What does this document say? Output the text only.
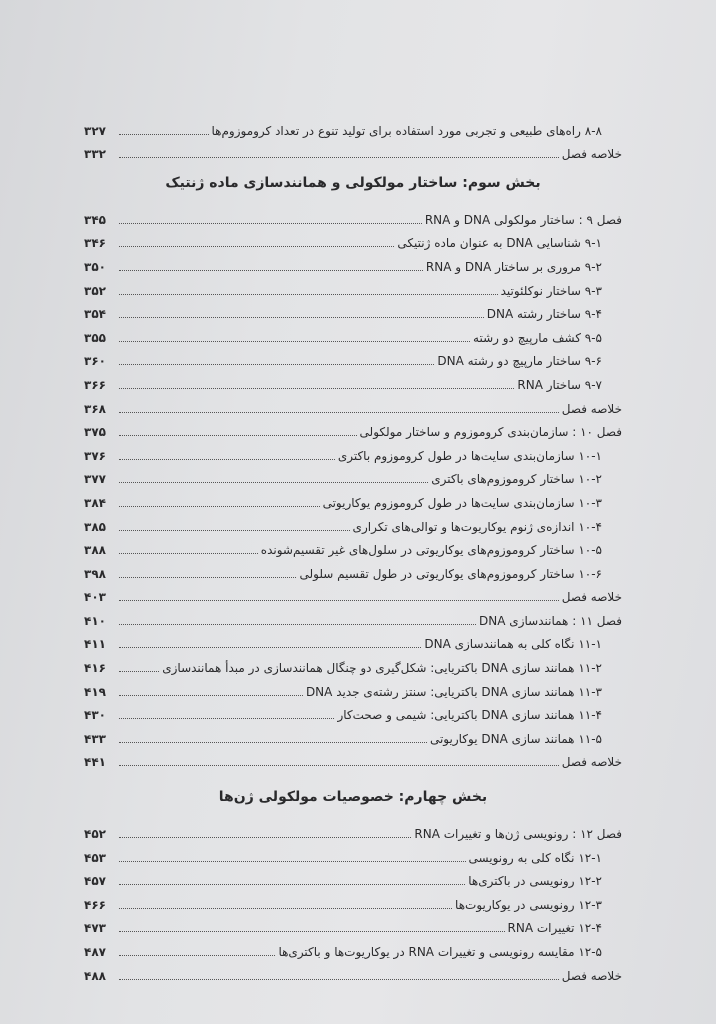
۸-۸ راه‌های طبیعی و تجربی مورد استفاده برای تولید تنوع در تعداد کروموزوم‌ها
۳۲۷
خلاصه فصل
۳۳۲
بخش سوم: ساختار مولکولی و همانندسازی ماده ژنتیک
فصل ۹ : ساختار مولکولی DNA و RNA
۳۴۵
۹-۱ شناسایی DNA به عنوان ماده ژنتیکی
۳۴۶
۹-۲ مروری بر ساختار DNA و RNA
۳۵۰
۹-۳ ساختار نوکلئوتید
۳۵۲
۹-۴ ساختار رشته DNA
۳۵۴
۹-۵ کشف مارپیچ دو رشته
۳۵۵
۹-۶ ساختار مارپیچ دو رشته DNA
۳۶۰
۹-۷ ساختار RNA
۳۶۶
خلاصه فصل
۳۶۸
فصل ۱۰ : سازمان‌بندی کروموزوم و ساختار مولکولی
۳۷۵
۱۰-۱ سازمان‌بندی سایت‌ها در طول کروموزوم باکتری
۳۷۶
۱۰-۲ ساختار کروموزوم‌های باکتری
۳۷۷
۱۰-۳ سازمان‌بندی سایت‌ها در طول کروموزوم یوکاریوتی
۳۸۴
۱۰-۴ اندازه‌ی ژنوم یوکاریوت‌ها و توالی‌های تکراری
۳۸۵
۱۰-۵ ساختار کروموزوم‌های یوکاریوتی در سلول‌های غیر تقسیم‌شونده
۳۸۸
۱۰-۶ ساختار کروموزوم‌های یوکاریوتی در طول تقسیم سلولی
۳۹۸
خلاصه فصل
۴۰۳
فصل ۱۱ : همانندسازی DNA
۴۱۰
۱۱-۱ نگاه کلی به همانندسازی DNA
۴۱۱
۱۱-۲ همانند سازی DNA باکتریایی: شکل‌گیری دو چنگال همانندسازی در مبدأ همانندسازی
۴۱۶
۱۱-۳ همانند سازی DNA باکتریایی: سنتز رشته‌ی جدید DNA
۴۱۹
۱۱-۴ همانند سازی DNA باکتریایی: شیمی و صحت‌کار
۴۳۰
۱۱-۵ همانند سازی DNA یوکاریوتی
۴۳۳
خلاصه فصل
۴۴۱
بخش چهارم: خصوصیات مولکولی ژن‌ها
فصل ۱۲ : رونویسی ژن‌ها و تغییرات RNA
۴۵۲
۱۲-۱ نگاه کلی به رونویسی
۴۵۳
۱۲-۲ رونویسی در باکتری‌ها
۴۵۷
۱۲-۳ رونویسی در یوکاریوت‌ها
۴۶۶
۱۲-۴ تغییرات RNA
۴۷۳
۱۲-۵ مقایسه رونویسی و تغییرات RNA در یوکاریوت‌ها و باکتری‌ها
۴۸۷
خلاصه فصل
۴۸۸
